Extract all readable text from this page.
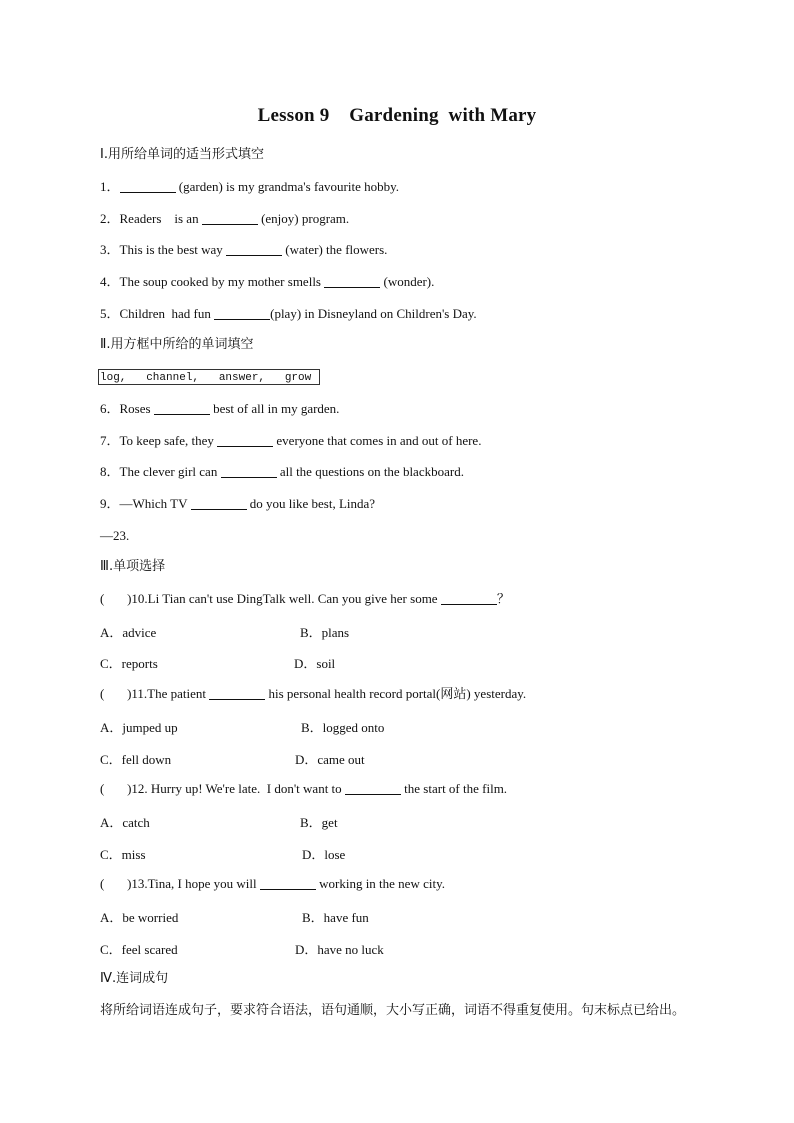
Lesson 9    Gardening  with Mary
Ⅰ.用所给单词的适当形式填空
1．	(garden) is my grandma's favourite hobby.
2．Readers    is an	(enjoy) program.
3．This is the best way	(water) the flowers.
4．The soup cooked by my mother smells	(wonder).
5．Children  had fun	(play) in Disneyland on Children's Day.
Ⅱ.用方框中所给的单词填空
log,   channel,   answer,   grow
6．Roses	best of all in my garden.
7．To keep safe, they	everyone that comes in and out of here.
8．The clever girl can	all the questions on the blackboard.
9．—Which TV	do you like best, Linda?
—23.
Ⅲ.单项选择
(       )10.Li Tian can't use DingTalk well. Can you give her some	？
A．advice	B．plans
C．reports	D．soil
(       )11.The patient	his personal health record portal(网站) yesterday.
A．jumped up	B．logged onto
C．fell down	D．came out
(       )12. Hurry up! We're late.  I don't want to	the start of the film.
A．catch	B．get
C．miss	D．lose
(       )13.Tina, I hope you will	working in the new city.
A．be worried	B．have fun
C．feel scared	D．have no luck
Ⅳ.连词成句
将所给词语连成句子，要求符合语法，语句通顺，大小写正确，词语不得重复使用。句末标点已给出。
